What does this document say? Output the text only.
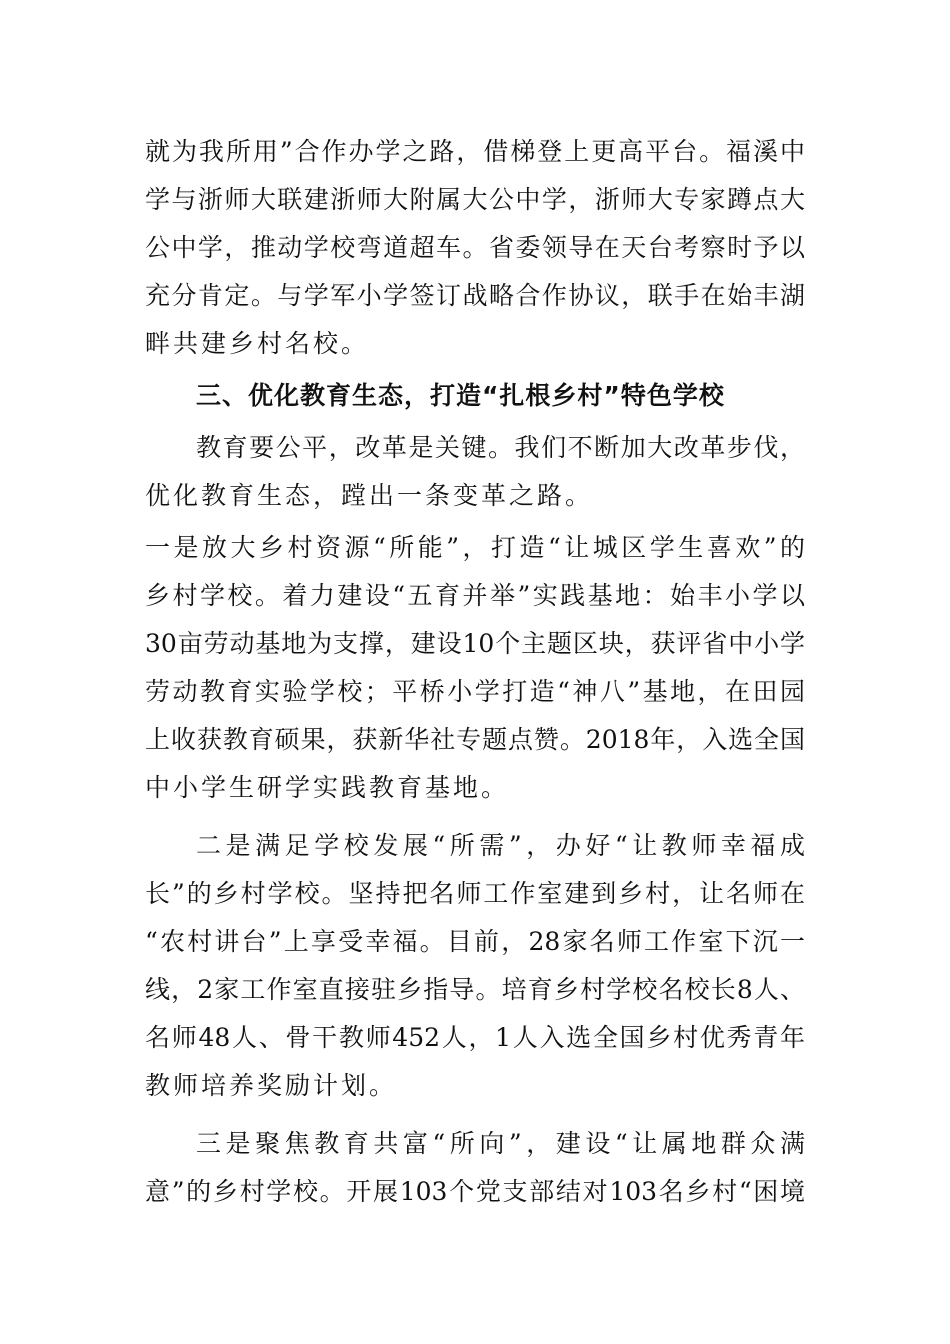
就为我所用”合作办学之路，借梯登上更高平台。福溪中
学与浙师大联建浙师大附属大公中学，浙师大专家蹲点大
公中学，推动学校弯道超车。省委领导在天台考察时予以
充分肯定。与学军小学签订战略合作协议，联手在始丰湖
畔共建乡村名校。
三、优化教育生态，打造“扎根乡村”特色学校
教育要公平，改革是关键。我们不断加大改革步伐，
优化教育生态，蹚出一条变革之路。
一是放大乡村资源“所能”，打造“让城区学生喜欢”的
乡村学校。着力建设“五育并举”实践基地：始丰小学以
30亩劳动基地为支撑，建设10个主题区块，获评省中小学
劳动教育实验学校；平桥小学打造“神八”基地，在田园
上收获教育硕果，获新华社专题点赞。2018年，入选全国
中小学生研学实践教育基地。
二是满足学校发展“所需”，办好“让教师幸福成
长”的乡村学校。坚持把名师工作室建到乡村，让名师在
“农村讲台”上享受幸福。目前，28家名师工作室下沉一
线，2家工作室直接驻乡指导。培育乡村学校名校长8人、
名师48人、骨干教师452人，1人入选全国乡村优秀青年
教师培养奖励计划。
三是聚焦教育共富“所向”，建设“让属地群众满
意”的乡村学校。开展103个党支部结对103名乡村“困境
